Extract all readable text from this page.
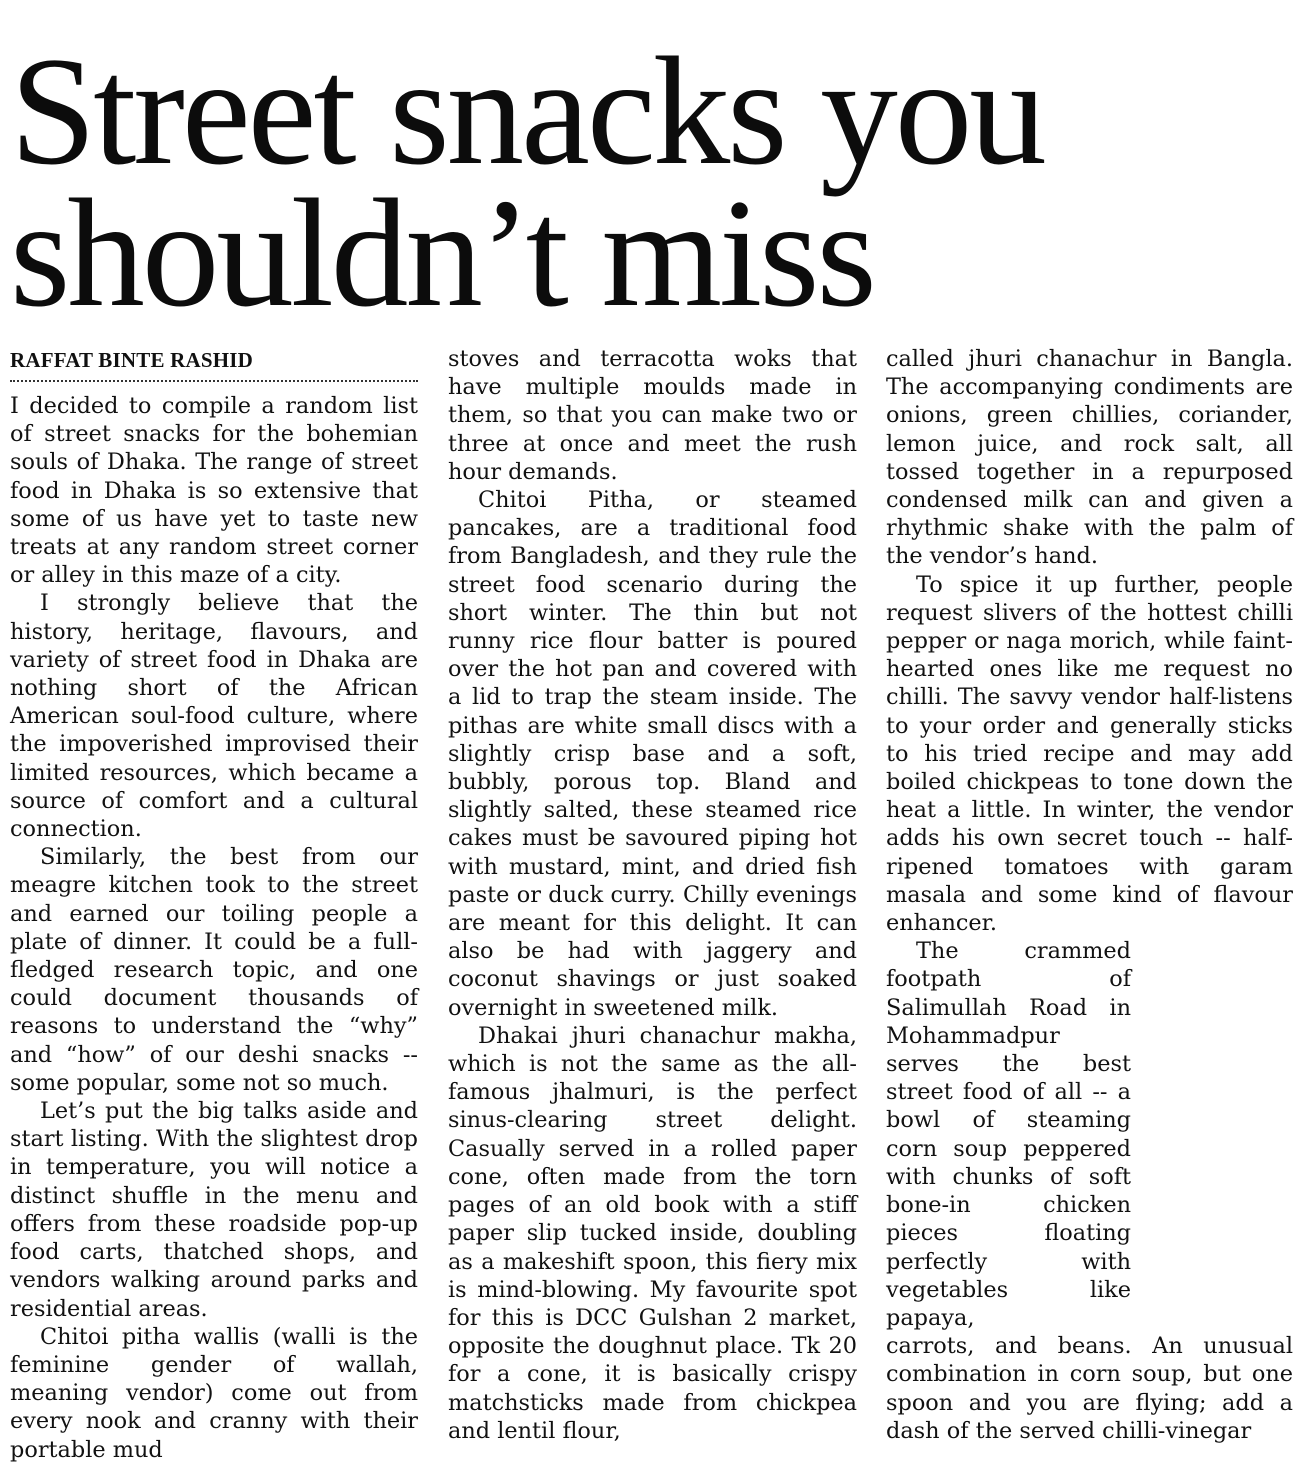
Street snacks you
shouldn’t miss
RAFFAT BINTE RASHID

I decided to compile a random list of street snacks for the bohemian souls of Dhaka. The range of street food in Dhaka is so extensive that some of us have yet to taste new treats at any random street corner or alley in this maze of a city.

I strongly believe that the history, heritage, flavours, and variety of street food in Dhaka are nothing short of the African American soul-food culture, where the impoverished improvised their limited resources, which became a source of comfort and a cultural connection.

Similarly, the best from our meagre kitchen took to the street and earned our toiling people a plate of dinner. It could be a full-fledged research topic, and one could document thousands of reasons to understand the “why” and “how” of our deshi snacks -- some popular, some not so much.

Let’s put the big talks aside and start listing. With the slightest drop in temperature, you will notice a distinct shuffle in the menu and offers from these roadside pop-up food carts, thatched shops, and vendors walking around parks and residential areas.

Chitoi pitha wallis (walli is the feminine gender of wallah, meaning vendor) come out from every nook and cranny with their portable mud

stoves and terracotta woks that have multiple moulds made in them, so that you can make two or three at once and meet the rush hour demands.

Chitoi Pitha, or steamed pancakes, are a traditional food from Bangladesh, and they rule the street food scenario during the short winter. The thin but not runny rice flour batter is poured over the hot pan and covered with a lid to trap the steam inside. The pithas are white small discs with a slightly crisp base and a soft, bubbly, porous top. Bland and slightly salted, these steamed rice cakes must be savoured piping hot with mustard, mint, and dried fish paste or duck curry. Chilly evenings are meant for this delight. It can also be had with jaggery and coconut shavings or just soaked overnight in sweetened milk.

Dhakai jhuri chanachur makha, which is not the same as the all-famous jhalmuri, is the perfect sinus-clearing street delight. Casually served in a rolled paper cone, often made from the torn pages of an old book with a stiff paper slip tucked inside, doubling as a makeshift spoon, this fiery mix is mind-blowing. My favourite spot for this is DCC Gulshan 2 market, opposite the doughnut place. Tk 20 for a cone, it is basically crispy matchsticks made from chickpea and lentil flour,

called jhuri chanachur in Bangla. The accompanying condiments are onions, green chillies, coriander, lemon juice, and rock salt, all tossed together in a repurposed condensed milk can and given a rhythmic shake with the palm of the vendor’s hand.

To spice it up further, people request slivers of the hottest chilli pepper or naga morich, while faint-hearted ones like me request no chilli. The savvy vendor half-listens to your order and generally sticks to his tried recipe and may add boiled chickpeas to tone down the heat a little. In winter, the vendor adds his own secret touch -- half-ripened tomatoes with garam masala and some kind of flavour enhancer.

The crammed footpath of Salimullah Road in Mohammadpur serves the best street food of all -- a bowl of steaming corn soup peppered with chunks of soft bone-in chicken pieces floating perfectly with vegetables like papaya,

carrots, and beans. An unusual combination in corn soup, but one spoon and you are flying; add a dash of the served chilli-vinegar
